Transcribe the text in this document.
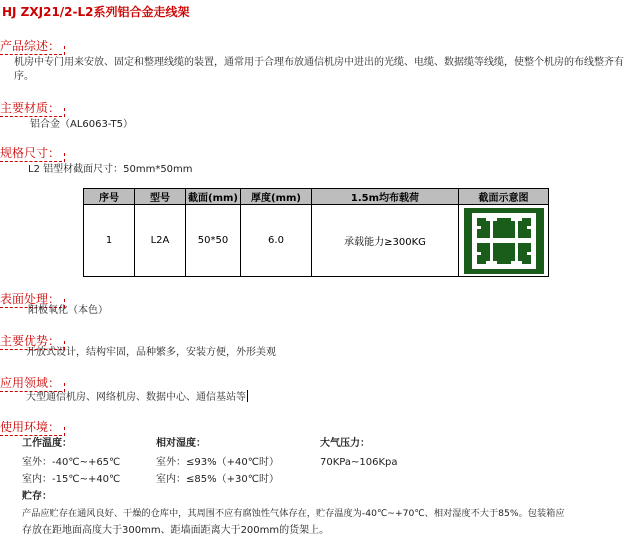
HJ ZXJ21/2-L2系列铝合金走线架
产品综述：
机房中专门用来安放、固定和整理线缆的装置，通常用于合理布放通信机房中进出的光缆、电缆、数据缆等线缆，使整个机房的布线整齐有序。
主要材质：
铝合金（AL6063-T5）
规格尺寸：
L2 铝型材截面尺寸：50mm*50mm
序号	型号	截面(mm)	厚度(mm)	1.5m均布载荷	截面示意图
1	L2A	50*50	6.0	承载能力≥300KG	
表面处理：
阳极氧化（本色）
主要优势：
开放式设计，结构牢固，品种繁多，安装方便，外形美观
应用领域：
大型通信机房、网络机房、数据中心、通信基站等
使用环境：
工作温度：	相对湿度：	大气压力：
室外：-40℃~+65℃	室外：≤93%（+40℃时）	70KPa~106Kpa
室内：-15℃~+40℃	室内：≤85%（+30℃时）
贮存：
产品应贮存在通风良好、干燥的仓库中，其周围不应有腐蚀性气体存在，贮存温度为-40℃~+70℃、相对湿度不大于85%。包装箱应
存放在距地面高度大于300mm、距墙面距离大于200mm的货架上。
